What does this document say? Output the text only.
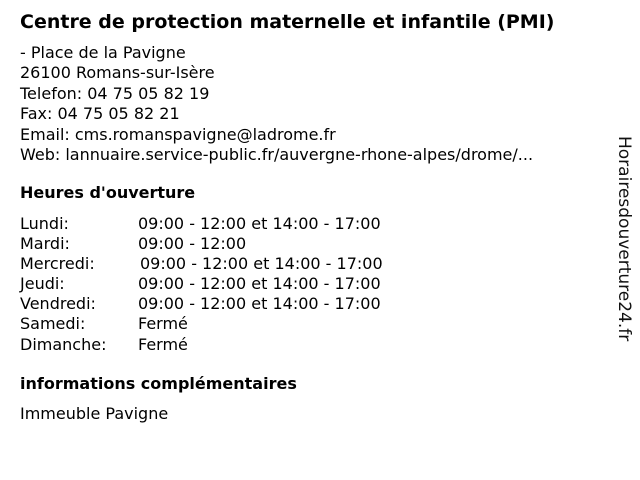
Centre de protection maternelle et infantile (PMI)
- Place de la Pavigne
26100 Romans-sur-Isère
Telefon: 04 75 05 82 19
Fax: 04 75 05 82 21
Email: cms.romanspavigne@ladrome.fr
Web: lannuaire.service-public.fr/auvergne-rhone-alpes/drome/...
Heures d'ouverture
Lundi:	09:00 - 12:00 et 14:00 - 17:00
Mardi:	09:00 - 12:00
Mercredi:	09:00 - 12:00 et 14:00 - 17:00
Jeudi:	09:00 - 12:00 et 14:00 - 17:00
Vendredi:	09:00 - 12:00 et 14:00 - 17:00
Samedi:	Fermé
Dimanche: Fermé
informations complémentaires
Immeuble Pavigne
Horairesdouverture24.fr
